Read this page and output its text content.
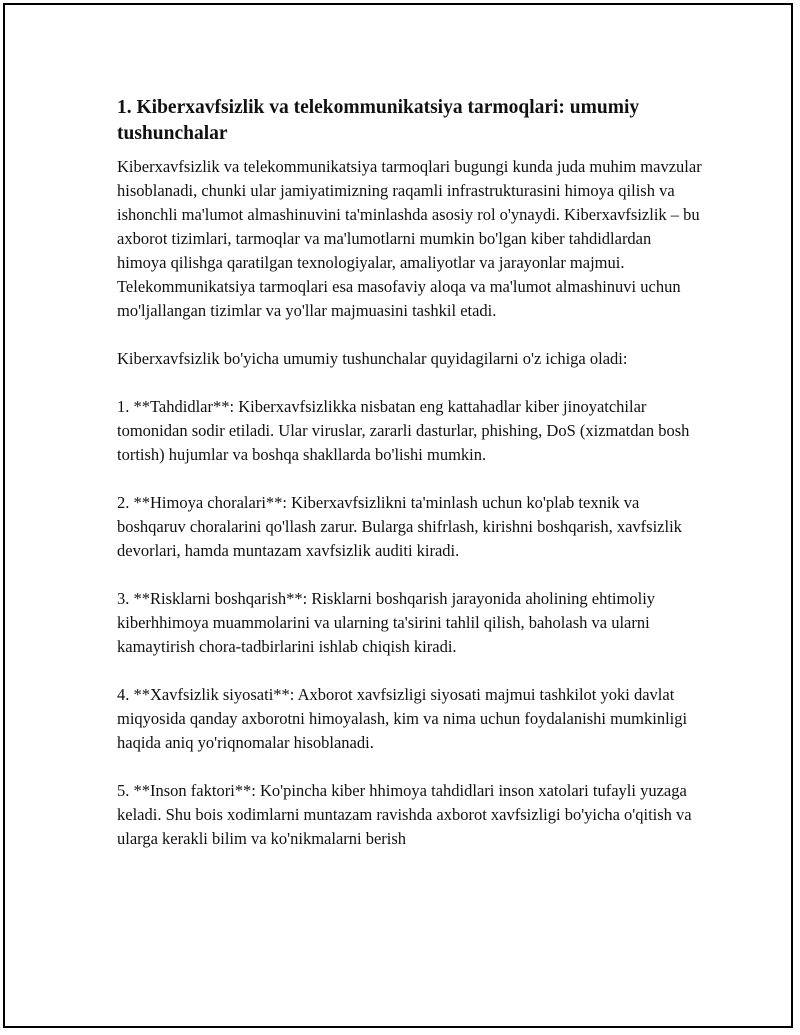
1. Kiberxavfsizlik va telekommunikatsiya tarmoqlari: umumiy tushunchalar

Kiberxavfsizlik va telekommunikatsiya tarmoqlari bugungi kunda juda muhim mavzular hisoblanadi, chunki ular jamiyatimizning raqamli infrastrukturasini himoya qilish va ishonchli ma'lumot almashinuvini ta'minlashda asosiy rol o'ynaydi. Kiberxavfsizlik – bu axborot tizimlari, tarmoqlar va ma'lumotlarni mumkin bo'lgan kiber tahdidlardan himoya qilishga qaratilgan texnologiyalar, amaliyotlar va jarayonlar majmui. Telekommunikatsiya tarmoqlari esa masofaviy aloqa va ma'lumot almashinuvi uchun mo'ljallangan tizimlar va yo'llar majmuasini tashkil etadi.

Kiberxavfsizlik bo'yicha umumiy tushunchalar quyidagilarni o'z ichiga oladi:

1. **Tahdidlar**: Kiberxavfsizlikka nisbatan eng kattahadlar kiber jinoyatchilar tomonidan sodir etiladi. Ular viruslar, zararli dasturlar, phishing, DoS (xizmatdan bosh tortish) hujumlar va boshqa shakllarda bo'lishi mumkin.

2. **Himoya choralari**: Kiberxavfsizlikni ta'minlash uchun ko'plab texnik va boshqaruv choralarini qo'llash zarur. Bularga shifrlash, kirishni boshqarish, xavfsizlik devorlari, hamda muntazam xavfsizlik auditi kiradi.

3. **Risklarni boshqarish**: Risklarni boshqarish jarayonida aholining ehtimoliy kiberhhimoya muammolarini va ularning ta'sirini tahlil qilish, baholash va ularni kamaytirish chora-tadbirlarini ishlab chiqish kiradi.

4. **Xavfsizlik siyosati**: Axborot xavfsizligi siyosati majmui tashkilot yoki davlat miqyosida qanday axborotni himoyalash, kim va nima uchun foydalanishi mumkinligi haqida aniq yo'riqnomalar hisoblanadi.

5. **Inson faktori**: Ko'pincha kiber hhimoya tahdidlari inson xatolari tufayli yuzaga keladi. Shu bois xodimlarni muntazam ravishda axborot xavfsizligi bo'yicha o'qitish va ularga kerakli bilim va ko'nikmalarni berish
